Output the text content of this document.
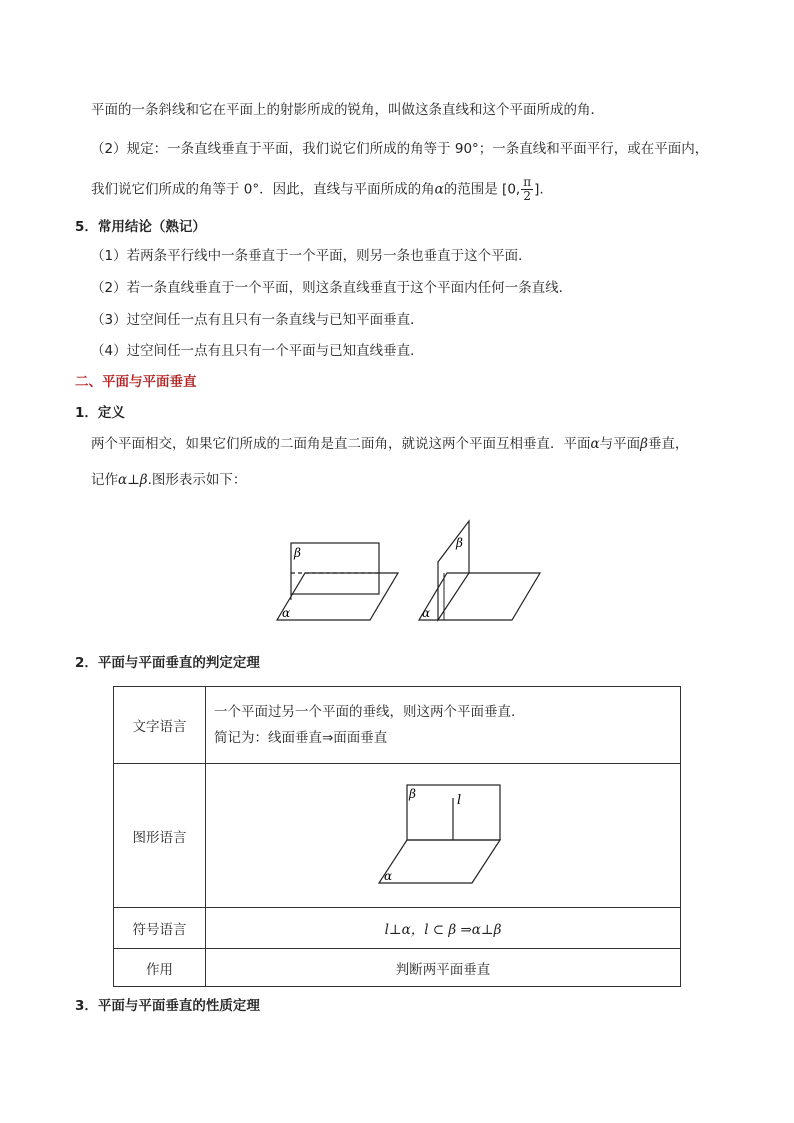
平面的一条斜线和它在平面上的射影所成的锐角，叫做这条直线和这个平面所成的角．
（2）规定：一条直线垂直于平面，我们说它们所成的角等于 90°；一条直线和平面平行，或在平面内，
我们说它们所成的角等于 0°．因此，直线与平面所成的角α的范围是 [0, $\frac{\pi}{2}$ ].
5．常用结论（熟记）
（1）若两条平行线中一条垂直于一个平面，则另一条也垂直于这个平面．
（2）若一条直线垂直于一个平面，则这条直线垂直于这个平面内任何一条直线．
（3）过空间任一点有且只有一条直线与已知平面垂直．
（4）过空间任一点有且只有一个平面与已知直线垂直．
二、平面与平面垂直
1．定义
两个平面相交，如果它们所成的二面角是直二面角，就说这两个平面互相垂直．平面α与平面β垂直，
记作α⊥β.图形表示如下：
β
α
β
α
2．平面与平面垂直的判定定理
文字语言	一个平面过另一个平面的垂线，则这两个平面垂直.
简记为：线面垂直⇒面面垂直

图形语言	β l
α

符号语言	l⊥α，l ⊂ β ⇒α⊥β
作用	判断两平面垂直
3．平面与平面垂直的性质定理
